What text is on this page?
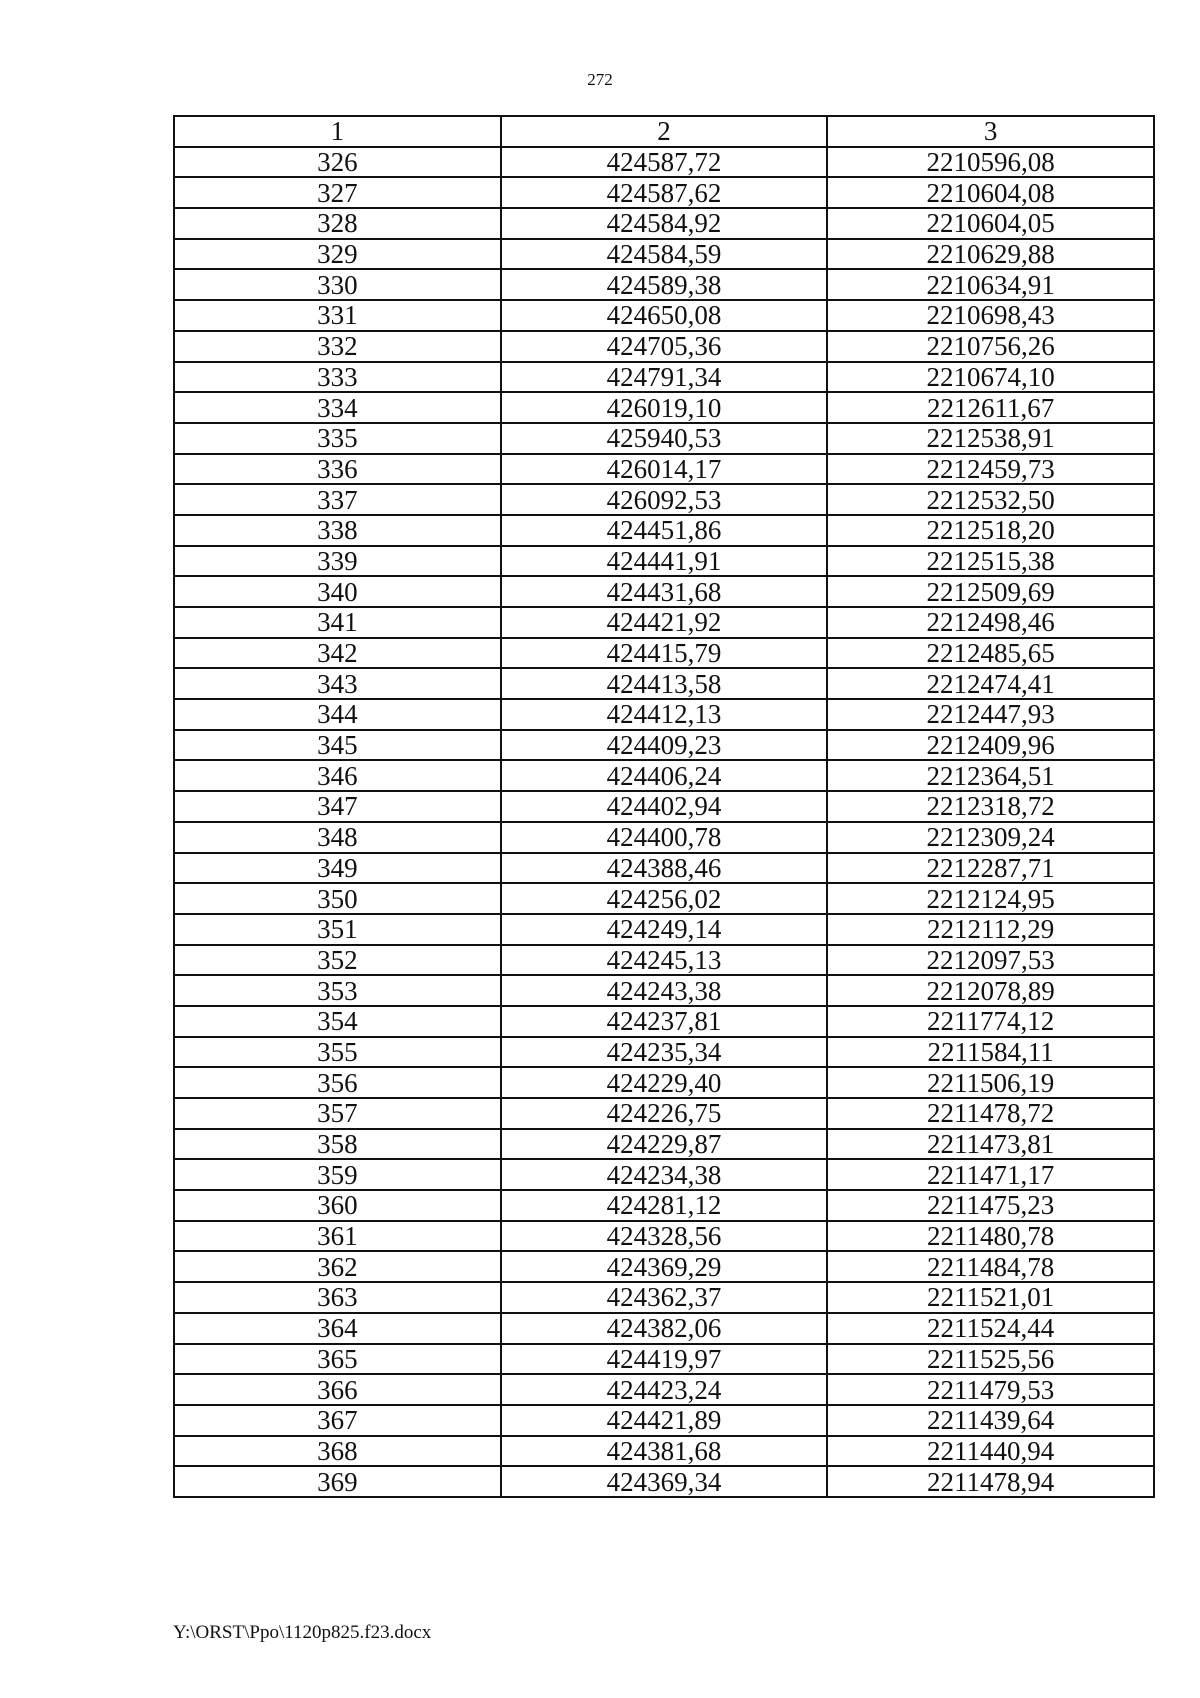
272
1	2	3
326	424587,72	2210596,08
327	424587,62	2210604,08
328	424584,92	2210604,05
329	424584,59	2210629,88
330	424589,38	2210634,91
331	424650,08	2210698,43
332	424705,36	2210756,26
333	424791,34	2210674,10
334	426019,10	2212611,67
335	425940,53	2212538,91
336	426014,17	2212459,73
337	426092,53	2212532,50
338	424451,86	2212518,20
339	424441,91	2212515,38
340	424431,68	2212509,69
341	424421,92	2212498,46
342	424415,79	2212485,65
343	424413,58	2212474,41
344	424412,13	2212447,93
345	424409,23	2212409,96
346	424406,24	2212364,51
347	424402,94	2212318,72
348	424400,78	2212309,24
349	424388,46	2212287,71
350	424256,02	2212124,95
351	424249,14	2212112,29
352	424245,13	2212097,53
353	424243,38	2212078,89
354	424237,81	2211774,12
355	424235,34	2211584,11
356	424229,40	2211506,19
357	424226,75	2211478,72
358	424229,87	2211473,81
359	424234,38	2211471,17
360	424281,12	2211475,23
361	424328,56	2211480,78
362	424369,29	2211484,78
363	424362,37	2211521,01
364	424382,06	2211524,44
365	424419,97	2211525,56
366	424423,24	2211479,53
367	424421,89	2211439,64
368	424381,68	2211440,94
369	424369,34	2211478,94
Y:\ORST\Ppo\1120p825.f23.docx
